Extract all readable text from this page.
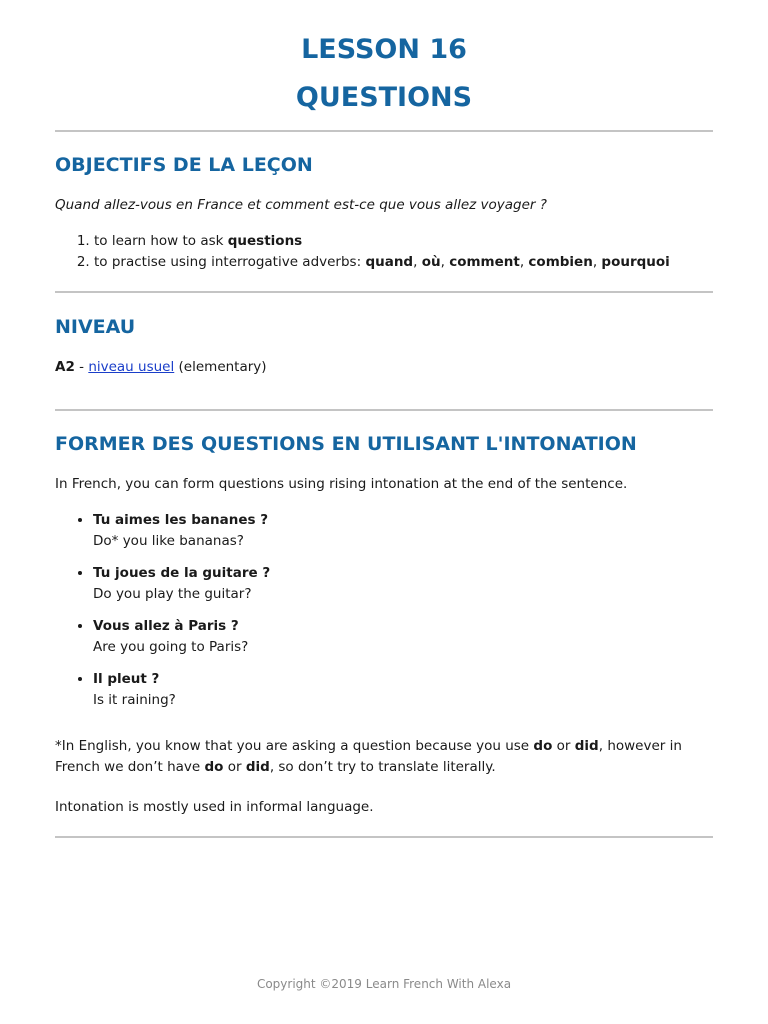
LESSON 16
QUESTIONS
OBJECTIFS DE LA LEÇON

Quand allez-vous en France et comment est-ce que vous allez voyager ?

1. to learn how to ask questions
2. to practise using interrogative adverbs: quand, où, comment, combien, pourquoi
NIVEAU

A2 - niveau usuel (elementary)

FORMER DES QUESTIONS EN UTILISANT L'INTONATION

In French, you can form questions using rising intonation at the end of the sentence.

• Tu aimes les bananes ?
Do* you like bananas?
• Tu joues de la guitare ?
Do you play the guitar?
• Vous allez à Paris ?
Are you going to Paris?
• Il pleut ?
Is it raining?

*In English, you know that you are asking a question because you use do or did, however in French we don’t have do or did, so don’t try to translate literally.

Intonation is mostly used in informal language.

Copyright ©2019 Learn French With Alexa
